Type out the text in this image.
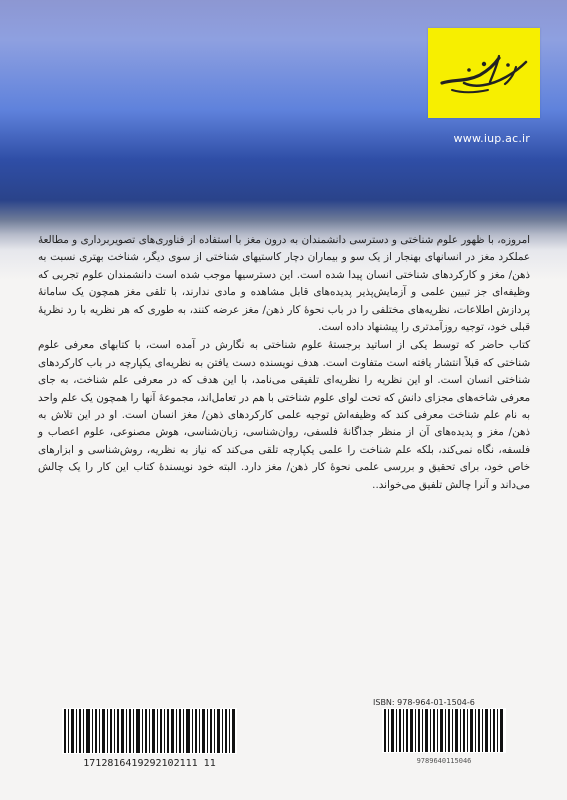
www.iup.ac.ir

امروزه، با ظهور علوم شناختی و دسترسی دانشمندان به درون مغز با استفاده از فناوری‌های تصویربرداری و مطالعهٔ عملکرد مغز در انسانهای بهنجار از یک سو و بیماران دچار کاستیهای شناختی از سوی دیگر، شناخت بهتری نسبت به ذهن/ مغز و کارکردهای شناختی انسان پیدا شده است. این دسترسیها موجب شده است دانشمندان علوم تجربی که وظیفه‌ای جز تبیین علمی و آزمایش‌پذیر پدیده‌های قابل مشاهده و مادی ندارند، با تلقی مغز همچون یک سامانهٔ پردازش اطلاعات، نظریه‌های مختلفی را در باب نحوهٔ کار ذهن/ مغز عرضه کنند، به طوری که هر نظریه با رد نظریهٔ قبلی خود، توجیه روزآمدتری را پیشنهاد داده است.

کتاب حاضر که توسط یکی از اساتید برجستهٔ علوم شناختی به نگارش در آمده است، با کتابهای معرفی علوم شناختی که قبلاً انتشار یافته است متفاوت است. هدف نویسنده دست یافتن به نظریه‌ای یکپارچه در باب کارکردهای شناختی انسان است. او این نظریه را نظریه‌ای تلفیقی می‌نامد، با این هدف که در معرفی علم شناخت، به جای معرفی شاخه‌های مجزای دانش که تحت لوای علوم شناختی با هم در تعامل‌اند، مجموعهٔ آنها را همچون یک علم واحد به نام علم شناخت معرفی کند که وظیفه‌اش توجیه علمی کارکردهای ذهن/ مغز انسان است. او در این تلاش به ذهن/ مغز و پدیده‌های آن از منظر جداگانهٔ فلسفی، روان‌شناسی، زبان‌شناسی، هوش مصنوعی، علوم اعصاب و فلسفه، نگاه نمی‌کند، بلکه علم شناخت را علمی یکپارچه تلقی می‌کند که نیاز به نظریه، روش‌شناسی و ابزارهای خاص خود، برای تحقیق و بررسی علمی نحوهٔ کار ذهن/ مغز دارد. البته خود نویسندهٔ کتاب این کار را یک چالش می‌داند و آنرا چالش تلفیق می‌خواند..

ISBN: 978-964-01-1504-6
1712816419292102111 11	9789640115046
